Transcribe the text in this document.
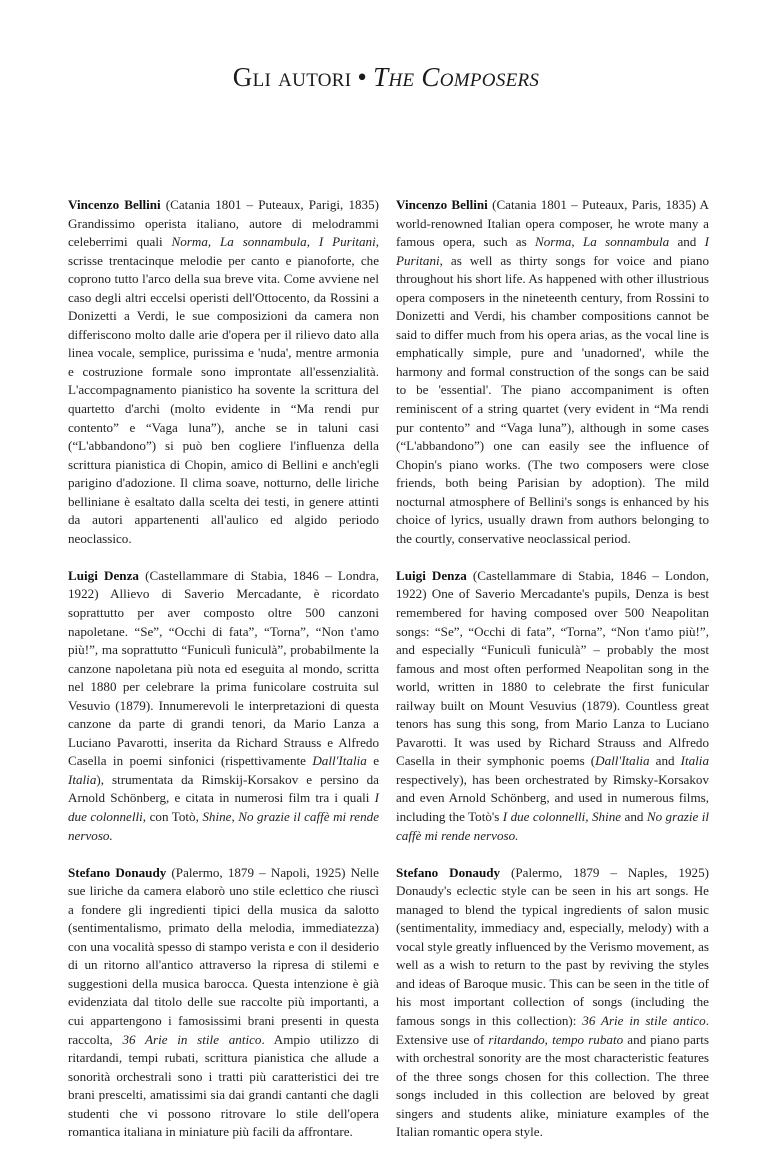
Gli autori • The Composers

Vincenzo Bellini (Catania 1801 – Puteaux, Parigi, 1835) Grandissimo operista italiano, autore di melodrammi celeberrimi quali Norma, La sonnambula, I Puritani, scrisse trentacinque melodie per canto e pianoforte, che coprono tutto l'arco della sua breve vita. Come avviene nel caso degli altri eccelsi operisti dell'Ottocento, da Rossini a Donizetti a Verdi, le sue composizioni da camera non differiscono molto dalle arie d'opera per il rilievo dato alla linea vocale, semplice, purissima e 'nuda', mentre armonia e costruzione formale sono improntate all'essenzialità. L'accompagnamento pianistico ha sovente la scrittura del quartetto d'archi (molto evidente in “Ma rendi pur contento” e “Vaga luna”), anche se in taluni casi (“L'abbandono”) si può ben cogliere l'influenza della scrittura pianistica di Chopin, amico di Bellini e anch'egli parigino d'adozione. Il clima soave, notturno, delle liriche belliniane è esaltato dalla scelta dei testi, in genere attinti da autori appartenenti all'aulico ed algido periodo neoclassico.

Luigi Denza (Castellammare di Stabia, 1846 – Londra, 1922) Allievo di Saverio Mercadante, è ricordato soprattutto per aver composto oltre 500 canzoni napoletane. “Se”, “Occhi di fata”, “Torna”, “Non t'amo più!”, ma soprattutto “Funiculì funiculà”, probabilmente la canzone napoletana più nota ed eseguita al mondo, scritta nel 1880 per celebrare la prima funicolare costruita sul Vesuvio (1879). Innumerevoli le interpretazioni di questa canzone da parte di grandi tenori, da Mario Lanza a Luciano Pavarotti, inserita da Richard Strauss e Alfredo Casella in poemi sinfonici (rispettivamente Dall'Italia e Italia), strumentata da Rimskij-Korsakov e persino da Arnold Schönberg, e citata in numerosi film tra i quali I due colonnelli, con Totò, Shine, No grazie il caffè mi rende nervoso.

Stefano Donaudy (Palermo, 1879 – Napoli, 1925) Nelle sue liriche da camera elaborò uno stile eclettico che riuscì a fondere gli ingredienti tipici della musica da salotto (sentimentalismo, primato della melodia, immediatezza) con una vocalità spesso di stampo verista e con il desiderio di un ritorno all'antico attraverso la ripresa di stilemi e suggestioni della musica barocca. Questa intenzione è già evidenziata dal titolo delle sue raccolte più importanti, a cui appartengono i famosissimi brani presenti in questa raccolta, 36 Arie in stile antico. Ampio utilizzo di ritardandi, tempi rubati, scrittura pianistica che allude a sonorità orchestrali sono i tratti più caratteristici dei tre brani prescelti, amatissimi sia dai grandi cantanti che dagli studenti che vi possono ritrovare lo stile dell'opera romantica italiana in miniature più facili da affrontare.

Vincenzo Bellini (Catania 1801 – Puteaux, Paris, 1835) A world-renowned Italian opera composer, he wrote many a famous opera, such as Norma, La sonnambula and I Puritani, as well as thirty songs for voice and piano throughout his short life. As happened with other illustrious opera composers in the nineteenth century, from Rossini to Donizetti and Verdi, his chamber compositions cannot be said to differ much from his opera arias, as the vocal line is emphatically simple, pure and 'unadorned', while the harmony and formal construction of the songs can be said to be 'essential'. The piano accompaniment is often reminiscent of a string quartet (very evident in “Ma rendi pur contento” and “Vaga luna”), although in some cases (“L'abbandono”) one can easily see the influence of Chopin's piano works. (The two composers were close friends, both being Parisian by adoption). The mild nocturnal atmosphere of Bellini's songs is enhanced by his choice of lyrics, usually drawn from authors belonging to the courtly, conservative neoclassical period.

Luigi Denza (Castellammare di Stabia, 1846 – London, 1922) One of Saverio Mercadante's pupils, Denza is best remembered for having composed over 500 Neapolitan songs: “Se”, “Occhi di fata”, “Torna”, “Non t'amo più!”, and especially “Funiculì funiculà” – probably the most famous and most often performed Neapolitan song in the world, written in 1880 to celebrate the first funicular railway built on Mount Vesuvius (1879). Countless great tenors has sung this song, from Mario Lanza to Luciano Pavarotti. It was used by Richard Strauss and Alfredo Casella in their symphonic poems (Dall'Italia and Italia respectively), has been orchestrated by Rimsky-Korsakov and even Arnold Schönberg, and used in numerous films, including the Totò's I due colonnelli, Shine and No grazie il caffè mi rende nervoso.

Stefano Donaudy (Palermo, 1879 – Naples, 1925) Donaudy's eclectic style can be seen in his art songs. He managed to blend the typical ingredients of salon music (sentimentality, immediacy and, especially, melody) with a vocal style greatly influenced by the Verismo movement, as well as a wish to return to the past by reviving the styles and ideas of Baroque music. This can be seen in the title of his most important collection of songs (including the famous songs in this collection): 36 Arie in stile antico. Extensive use of ritardando, tempo rubato and piano parts with orchestral sonority are the most characteristic features of the three songs chosen for this collection. The three songs included in this collection are beloved by great singers and students alike, miniature examples of the Italian romantic opera style.
